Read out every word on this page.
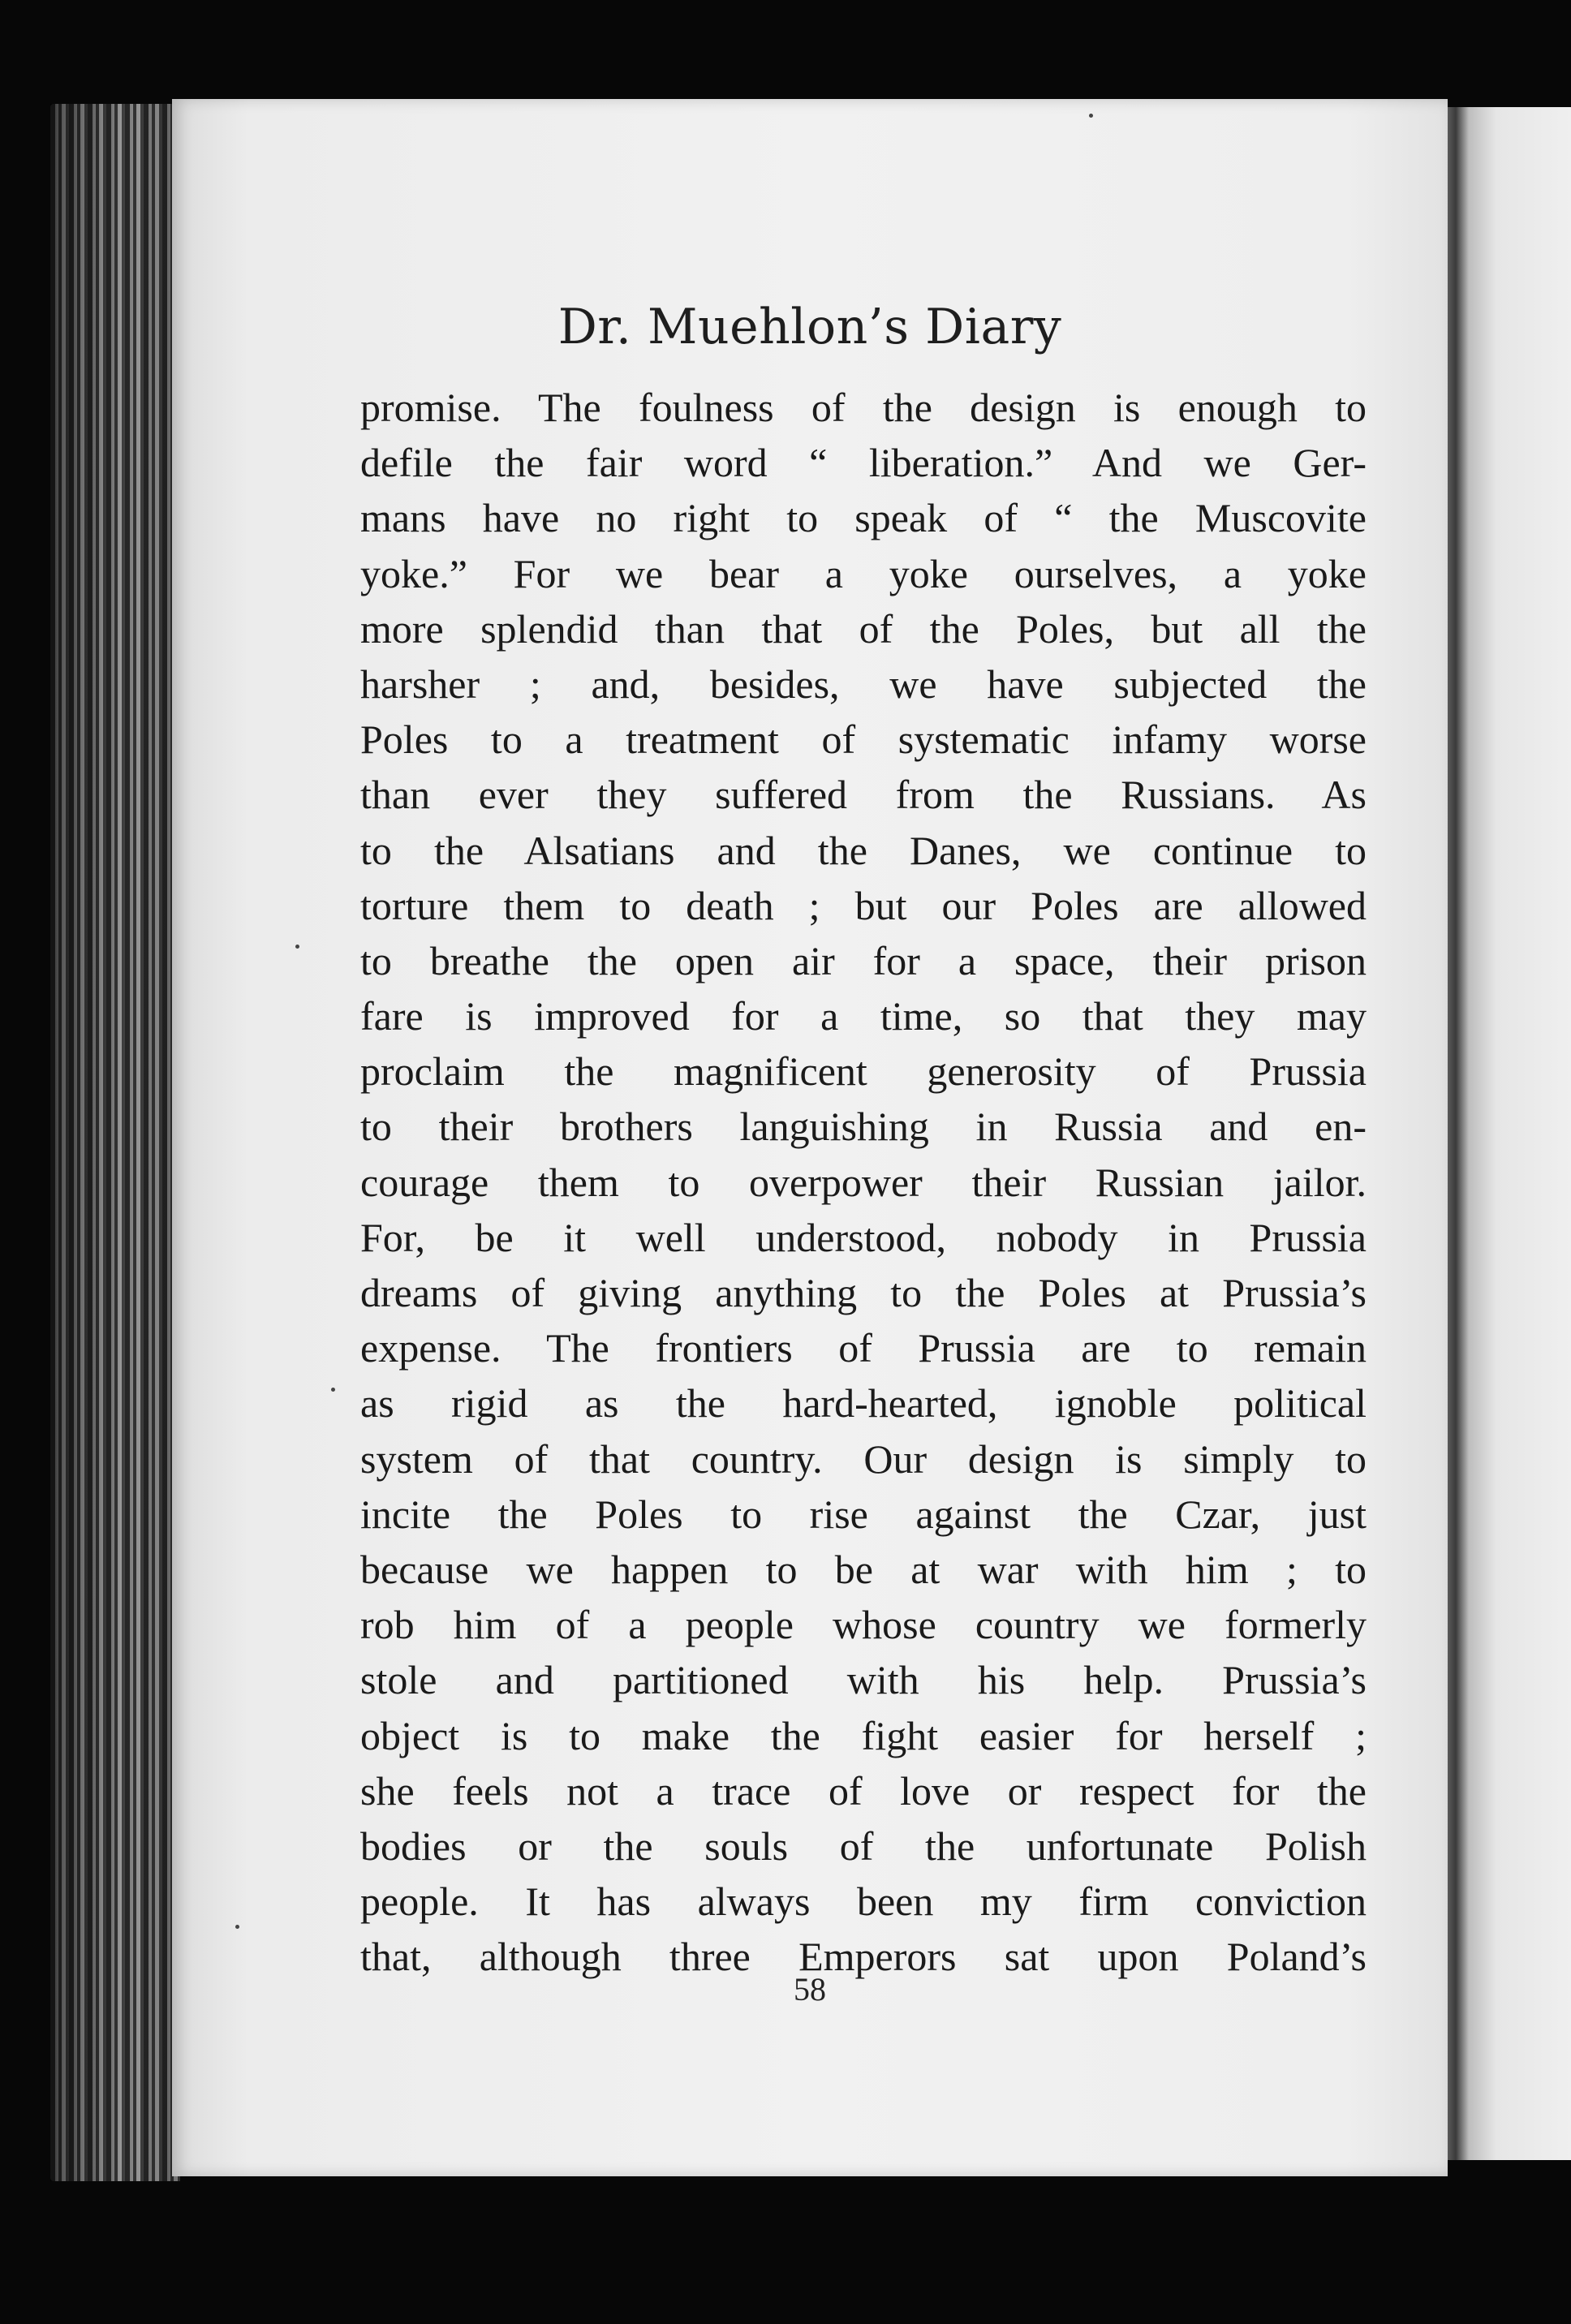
Dr. Muehlon’s Diary
promise. The foulness of the design is enough to
defile the fair word “ liberation.” And we Ger-
mans have no right to speak of “ the Muscovite
yoke.” For we bear a yoke ourselves, a yoke
more splendid than that of the Poles, but all the
harsher ; and, besides, we have subjected the
Poles to a treatment of systematic infamy worse
than ever they suffered from the Russians. As
to the Alsatians and the Danes, we continue to
torture them to death ; but our Poles are allowed
to breathe the open air for a space, their prison
fare is improved for a time, so that they may
proclaim the magnificent generosity of Prussia
to their brothers languishing in Russia and en-
courage them to overpower their Russian jailor.
For, be it well understood, nobody in Prussia
dreams of giving anything to the Poles at Prussia’s
expense. The frontiers of Prussia are to remain
as rigid as the hard-hearted, ignoble political
system of that country. Our design is simply to
incite the Poles to rise against the Czar, just
because we happen to be at war with him ; to
rob him of a people whose country we formerly
stole and partitioned with his help. Prussia’s
object is to make the fight easier for herself ;
she feels not a trace of love or respect for the
bodies or the souls of the unfortunate Polish
people. It has always been my firm conviction
that, although three Emperors sat upon Poland’s
58
